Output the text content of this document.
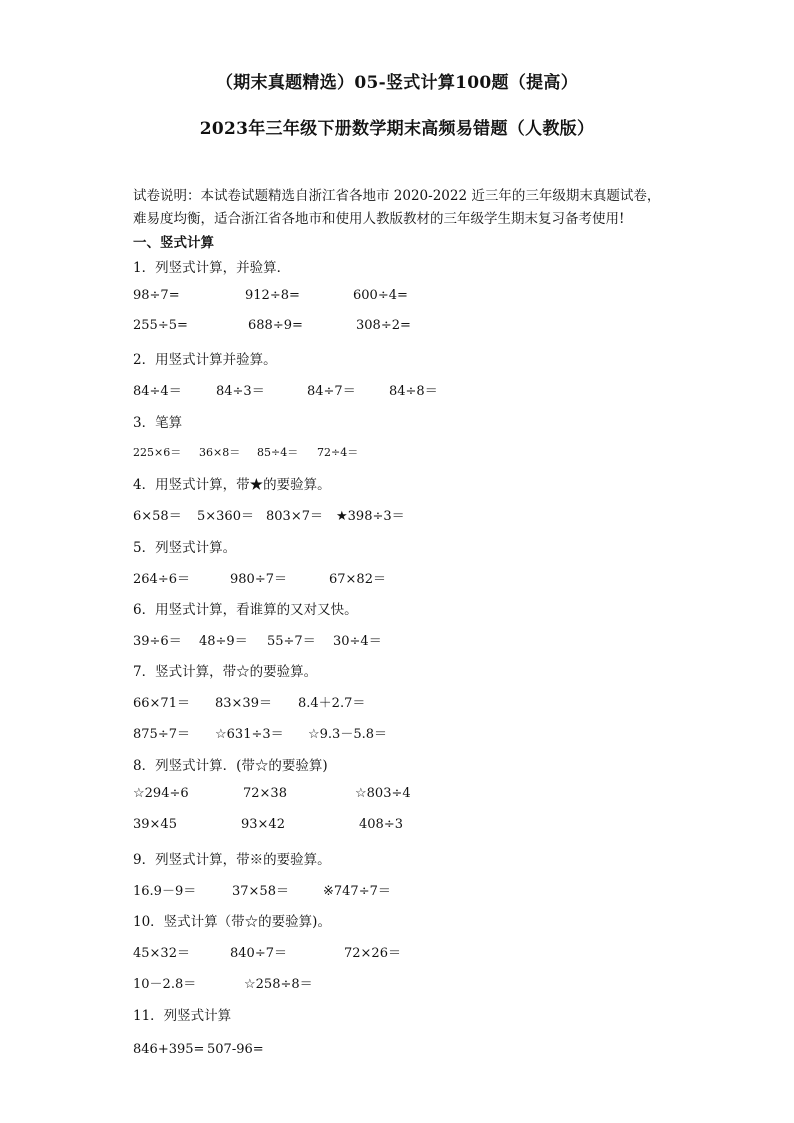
（期末真题精选）05-竖式计算100题（提高）
2023年三年级下册数学期末高频易错题（人教版）

试卷说明：本试卷试题精选自浙江省各地市 2020-2022 近三年的三年级期末真题试卷，

难易度均衡，适合浙江省各地市和使用人教版教材的三年级学生期末复习备考使用!

一、竖式计算
1．列竖式计算，并验算．
98÷7=	912÷8=	600÷4=
255÷5=	688÷9=	308÷2=
2．用竖式计算并验算。
84÷4＝	84÷3＝	84÷7＝	84÷8＝
3．笔算
225×6＝ 36×8＝ 85÷4＝ 72÷4＝
4．用竖式计算，带★的要验算。
6×58＝ 5×360＝ 803×7＝ ★398÷3＝
5．列竖式计算。
264÷6＝	980÷7＝	67×82＝
6．用竖式计算，看谁算的又对又快。
39÷6＝ 48÷9＝ 55÷7＝ 30÷4＝
7．竖式计算，带☆的要验算。
66×71＝ 83×39＝ 8.4＋2.7＝
875÷7＝ ☆631÷3＝ ☆9.3－5.8＝
8．列竖式计算．(带☆的要验算)
☆294÷6	72×38	☆803÷4
39×45	93×42	408÷3
9．列竖式计算，带※的要验算。
16.9－9＝	37×58＝	※747÷7＝
10．竖式计算（带☆的要验算)。
45×32＝	840÷7＝	72×26＝
10－2.8＝	☆258÷8＝
11．列竖式计算
846+395= 507-96=
